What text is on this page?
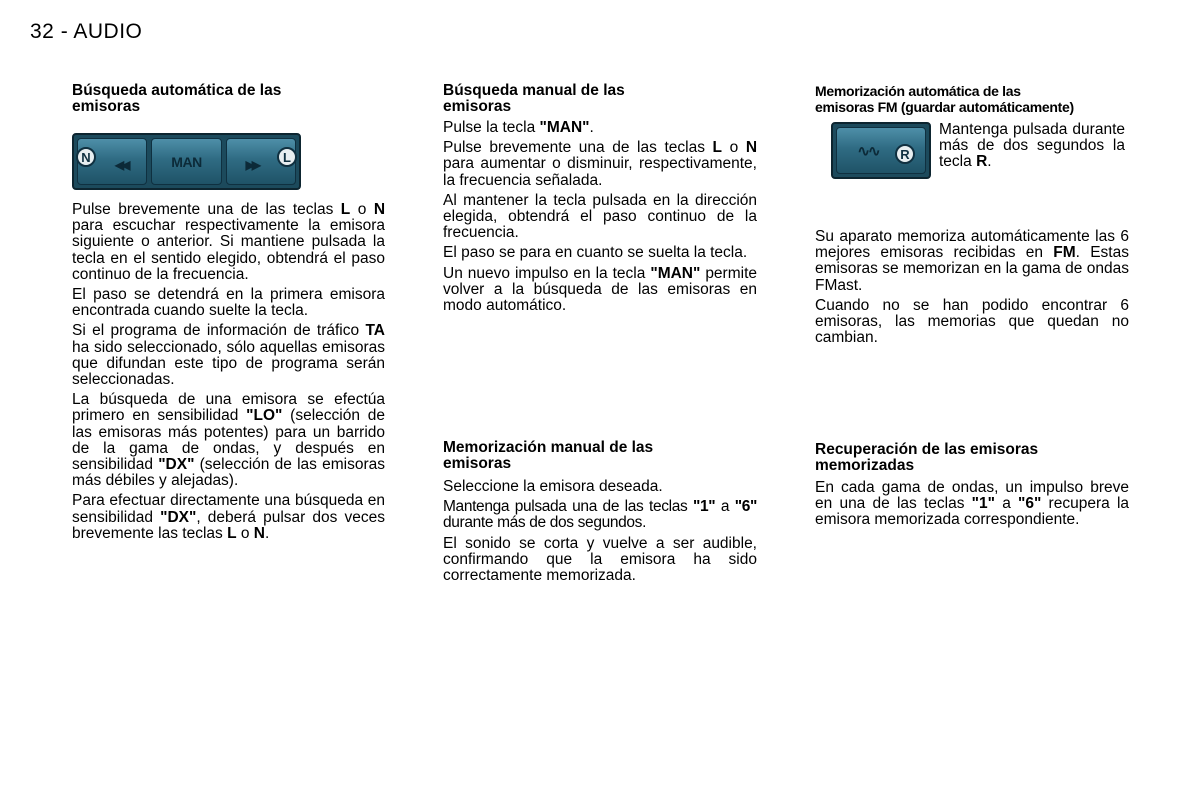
32 - AUDIO
Búsqueda automática de las
emisoras
N	◀◀	MAN	▶▶	L

Pulse brevemente una de las teclas L o N para escuchar respectivamente la emisora siguiente o anterior. Si mantiene pulsada la tecla en el sentido elegido, obtendrá el paso continuo de la frecuencia.

El paso se detendrá en la primera emisora encontrada cuando suelte la tecla.

Si el programa de información de tráfico TA ha sido seleccionado, sólo aquellas emisoras que difundan este tipo de programa serán seleccionadas.

La búsqueda de una emisora se efectúa primero en sensibilidad "LO" (selección de las emisoras más potentes) para un barrido de la gama de ondas, y después en sensibilidad "DX" (selección de las emisoras más débiles y alejadas).

Para efectuar directamente una búsqueda en sensibilidad "DX", deberá pulsar dos veces brevemente las teclas L o N.

Búsqueda manual de las
emisoras

Pulse la tecla "MAN".

Pulse brevemente una de las teclas L o N para aumentar o disminuir, respectivamente, la frecuencia señalada.

Al mantener la tecla pulsada en la dirección elegida, obtendrá el paso continuo de la frecuencia.

El paso se para en cuanto se suelta la tecla.

Un nuevo impulso en la tecla "MAN" permite volver a la búsqueda de las emisoras en modo automático.

Memorización manual de las
emisoras

Seleccione la emisora deseada.

Mantenga pulsada una de las teclas "1" a "6" durante más de dos segundos.

El sonido se corta y vuelve a ser audible, confirmando que la emisora ha sido correctamente memorizada.

Memorización automática de las
emisoras FM (guardar automáticamente)
∿∿	R

Mantenga pulsada durante más de dos segundos la tecla R.

Su aparato memoriza automáticamente las 6 mejores emisoras recibidas en FM. Estas emisoras se memorizan en la gama de ondas FMast.

Cuando no se han podido encontrar 6 emisoras, las memorias que quedan no cambian.

Recuperación de las emisoras
memorizadas

En cada gama de ondas, un impulso breve en una de las teclas "1" a "6" recupera la emisora memorizada correspondiente.
